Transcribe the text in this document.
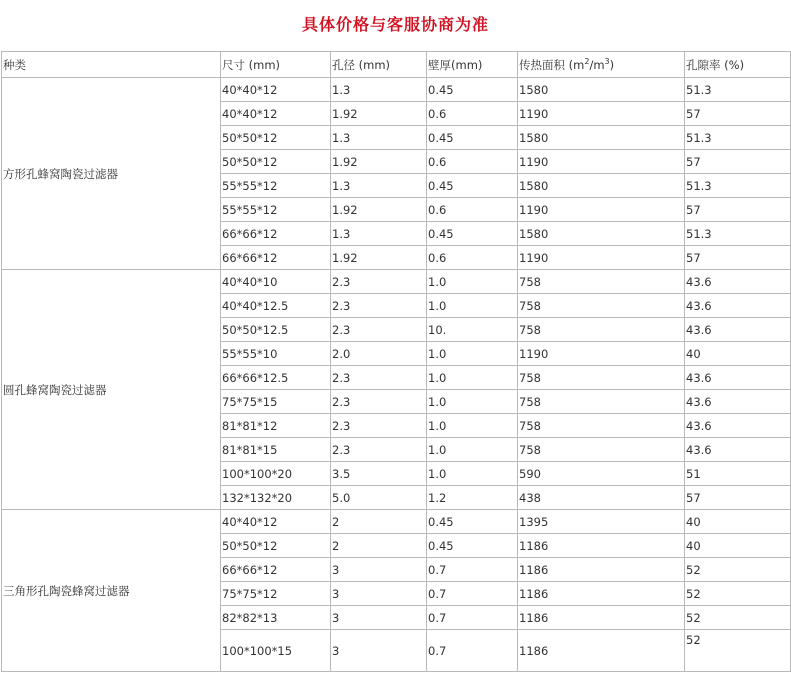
具体价格与客服协商为准
种类	尺寸 (mm)	孔径 (mm)	壁厚(mm)	传热面积 $(m^2/m^3)$	孔隙率 (%)
方形孔蜂窝陶瓷过滤器	40*40*12	1.3	0.45	1580	51.3
	40*40*12	1.92	0.6	1190	57
	50*50*12	1.3	0.45	1580	51.3
	50*50*12	1.92	0.6	1190	57
	55*55*12	1.3	0.45	1580	51.3
	55*55*12	1.92	0.6	1190	57
	66*66*12	1.3	0.45	1580	51.3
	66*66*12	1.92	0.6	1190	57
圆孔蜂窝陶瓷过滤器	40*40*10	2.3	1.0	758	43.6
	40*40*12.5	2.3	1.0	758	43.6
	50*50*12.5	2.3	10.	758	43.6
	55*55*10	2.0	1.0	1190	40
	66*66*12.5	2.3	1.0	758	43.6
	75*75*15	2.3	1.0	758	43.6
	81*81*12	2.3	1.0	758	43.6
	81*81*15	2.3	1.0	758	43.6
	100*100*20	3.5	1.0	590	51
	132*132*20	5.0	1.2	438	57
三角形孔陶瓷蜂窝过滤器	40*40*12	2	0.45	1395	40
	50*50*12	2	0.45	1186	40
	66*66*12	3	0.7	1186	52
	75*75*12	3	0.7	1186	52
	82*82*13	3	0.7	1186	52
	100*100*15	3	0.7	1186	52
